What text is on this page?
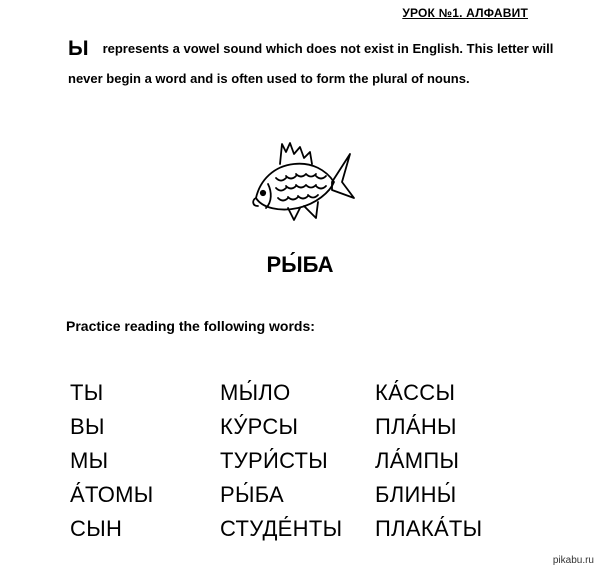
УРОК №1. АЛФАВИТ
Ы represents a vowel sound which does not exist in English. This letter will
never begin a word and is often used to form the plural of nouns.
РЫ́БА
Practice reading the following words:
ТЫ
ВЫ
МЫ
А́ТОМЫ
СЫН
МЫ́ЛО
КУ́РСЫ
ТУРИ́СТЫ
РЫ́БА
СТУДЕ́НТЫ
КА́ССЫ
ПЛА́НЫ
ЛА́МПЫ
БЛИНЫ́
ПЛАКА́ТЫ
pikabu.ru
